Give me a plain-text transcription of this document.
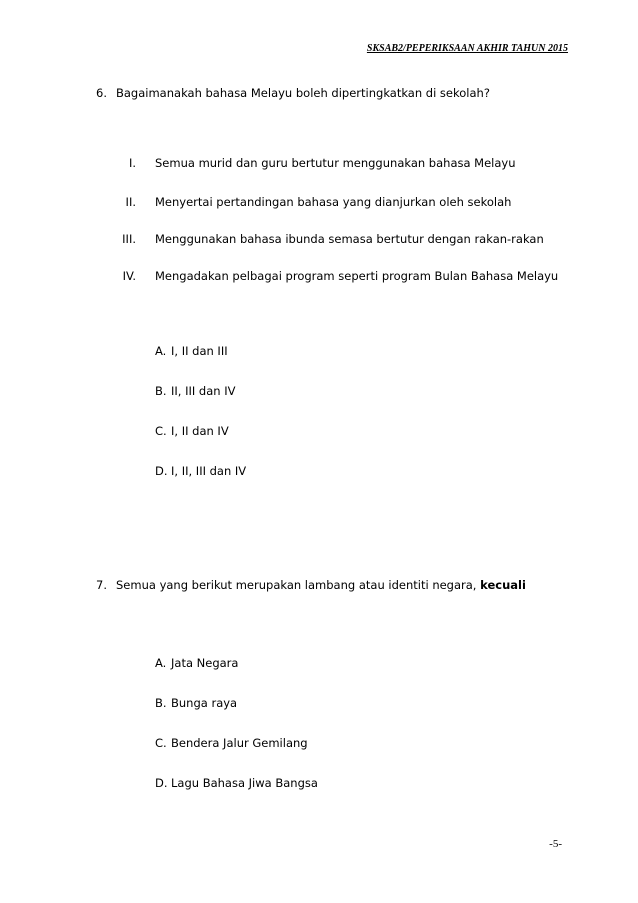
SKSAB2/PEPERIKSAAN AKHIR TAHUN 2015
6. Bagaimanakah bahasa Melayu boleh dipertingkatkan di sekolah?
I. Semua murid dan guru bertutur menggunakan bahasa Melayu
II. Menyertai pertandingan bahasa yang dianjurkan oleh sekolah
III. Menggunakan bahasa ibunda semasa bertutur dengan rakan-rakan
IV. Mengadakan pelbagai program seperti program Bulan Bahasa Melayu
A. I, II dan III
B. II, III dan IV
C. I, II dan IV
D. I, II, III dan IV
7. Semua yang berikut merupakan lambang atau identiti negara, kecuali
A. Jata Negara
B. Bunga raya
C. Bendera Jalur Gemilang
D. Lagu Bahasa Jiwa Bangsa
-5-
